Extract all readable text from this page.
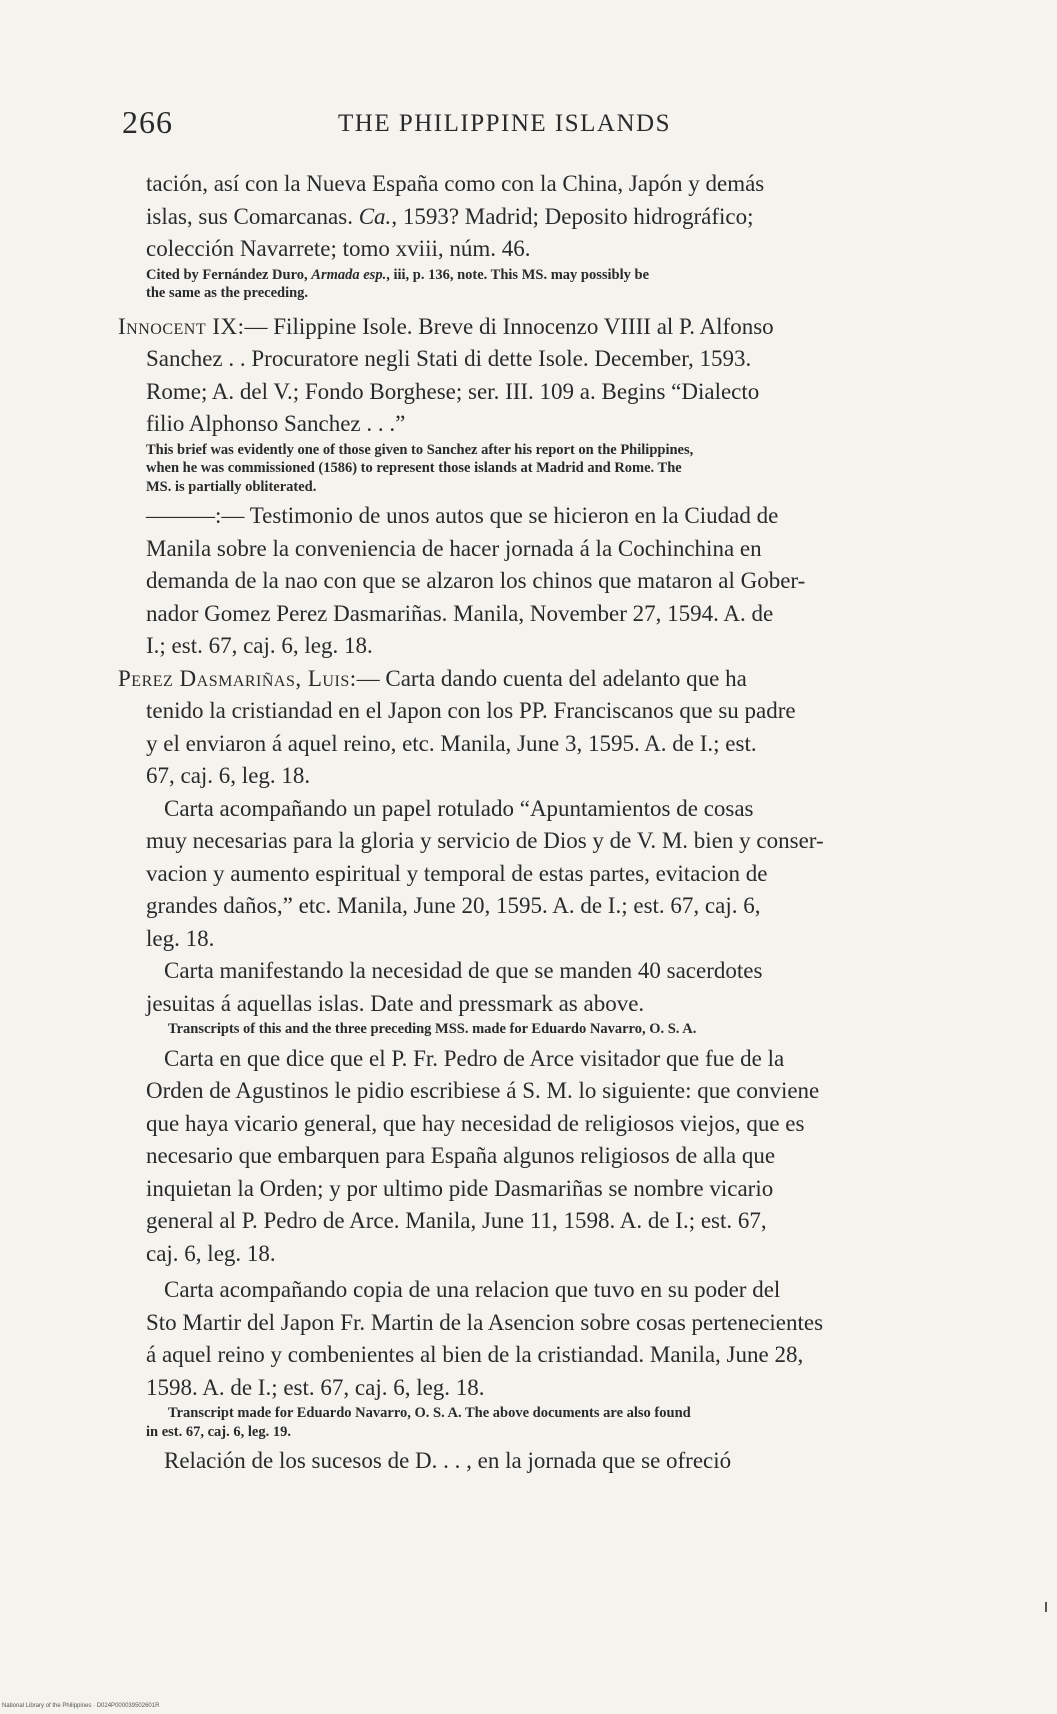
266	THE PHILIPPINE ISLANDS
tación, así con la Nueva España como con la China, Japón y demás
islas, sus Comarcanas. Ca., 1593? Madrid; Deposito hidrográfico;
colección Navarrete; tomo xviii, núm. 46.
Cited by Fernández Duro, Armada esp., iii, p. 136, note. This MS. may possibly be
the same as the preceding.
Innocent IX:— Filippine Isole. Breve di Innocenzo VIIII al P. Alfonso
Sanchez . . Procuratore negli Stati di dette Isole. December, 1593.
Rome; A. del V.; Fondo Borghese; ser. III. 109 a. Begins “Dialecto
filio Alphonso Sanchez . . .”
This brief was evidently one of those given to Sanchez after his report on the Philippines,
when he was commissioned (1586) to represent those islands at Madrid and Rome. The
MS. is partially obliterated.
———:— Testimonio de unos autos que se hicieron en la Ciudad de
Manila sobre la conveniencia de hacer jornada á la Cochinchina en
demanda de la nao con que se alzaron los chinos que mataron al Gober-
nador Gomez Perez Dasmariñas. Manila, November 27, 1594. A. de
I.; est. 67, caj. 6, leg. 18.
Perez Dasmariñas, Luis:— Carta dando cuenta del adelanto que ha
tenido la cristiandad en el Japon con los PP. Franciscanos que su padre
y el enviaron á aquel reino, etc. Manila, June 3, 1595. A. de I.; est.
67, caj. 6, leg. 18.
Carta acompañando un papel rotulado “Apuntamientos de cosas
muy necesarias para la gloria y servicio de Dios y de V. M. bien y conser-
vacion y aumento espiritual y temporal de estas partes, evitacion de
grandes daños,” etc. Manila, June 20, 1595. A. de I.; est. 67, caj. 6,
leg. 18.
Carta manifestando la necesidad de que se manden 40 sacerdotes
jesuitas á aquellas islas. Date and pressmark as above.
Transcripts of this and the three preceding MSS. made for Eduardo Navarro, O. S. A.
Carta en que dice que el P. Fr. Pedro de Arce visitador que fue de la
Orden de Agustinos le pidio escribiese á S. M. lo siguiente: que conviene
que haya vicario general, que hay necesidad de religiosos viejos, que es
necesario que embarquen para España algunos religiosos de alla que
inquietan la Orden; y por ultimo pide Dasmariñas se nombre vicario
general al P. Pedro de Arce. Manila, June 11, 1598. A. de I.; est. 67,
caj. 6, leg. 18.
Carta acompañando copia de una relacion que tuvo en su poder del
Sto Martir del Japon Fr. Martin de la Asencion sobre cosas pertenecientes
á aquel reino y combenientes al bien de la cristiandad. Manila, June 28,
1598. A. de I.; est. 67, caj. 6, leg. 18.
Transcript made for Eduardo Navarro, O. S. A. The above documents are also found
in est. 67, caj. 6, leg. 19.
Relación de los sucesos de D. . . , en la jornada que se ofreció
National Library of the Philippines · D024P000039502601R
